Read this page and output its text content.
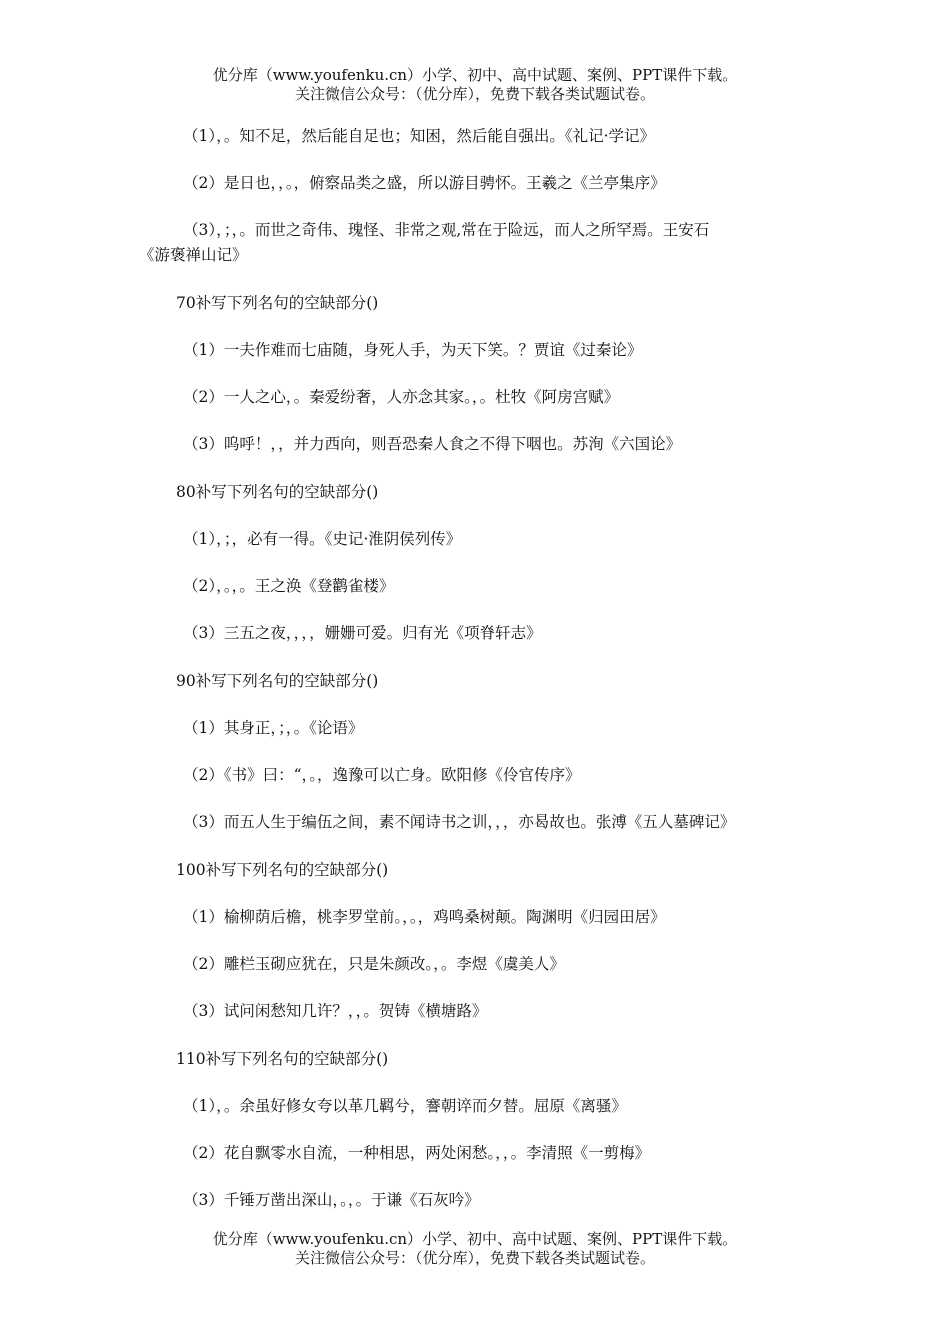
优分库（www.youfenku.cn）小学、初中、高中试题、案例、PPT课件下载。
关注微信公众号：（优分库），免费下载各类试题试卷。
（1），。知不足，然后能自足也；知困，然后能自强出。《礼记·学记》
（2）是日也，，。，俯察品类之盛，所以游目骋怀。王羲之《兰亭集序》
（3），；，。而世之奇伟、瑰怪、非常之观,常在于险远，而人之所罕焉。王安石
《游褒禅山记》
70补写下列名句的空缺部分()
（1）一夫作难而七庙随，身死人手，为天下笑。？贾谊《过秦论》
（2）一人之心，。秦爱纷奢，人亦念其家。，。杜牧《阿房宫赋》
（3）呜呼！，，并力西向，则吾恐秦人食之不得下咽也。苏洵《六国论》
80补写下列名句的空缺部分()
（1），；，必有一得。《史记·淮阴侯列传》
（2），。，。王之涣《登鹳雀楼》
（3）三五之夜，，，，姗姗可爱。归有光《项脊轩志》
90补写下列名句的空缺部分()
（1）其身正，；，。《论语》
（2）《书》曰：“，。，逸豫可以亡身。欧阳修《伶官传序》
（3）而五人生于编伍之间，素不闻诗书之训，，，亦曷故也。张溥《五人墓碑记》
100补写下列名句的空缺部分()
（1）榆柳荫后檐，桃李罗堂前。，。，鸡鸣桑树颠。陶渊明《归园田居》
（2）雕栏玉砌应犹在，只是朱颜改。，。李煜《虞美人》
（3）试问闲愁知几许？，，。贺铸《横塘路》
110补写下列名句的空缺部分()
（1），。余虽好修女夸以革几羁兮，謇朝谇而夕替。屈原《离骚》
（2）花自飘零水自流，一种相思，两处闲愁。，，。李清照《一剪梅》
（3）千锤万凿出深山，。，。于谦《石灰吟》
优分库（www.youfenku.cn）小学、初中、高中试题、案例、PPT课件下载。
关注微信公众号：（优分库），免费下载各类试题试卷。
